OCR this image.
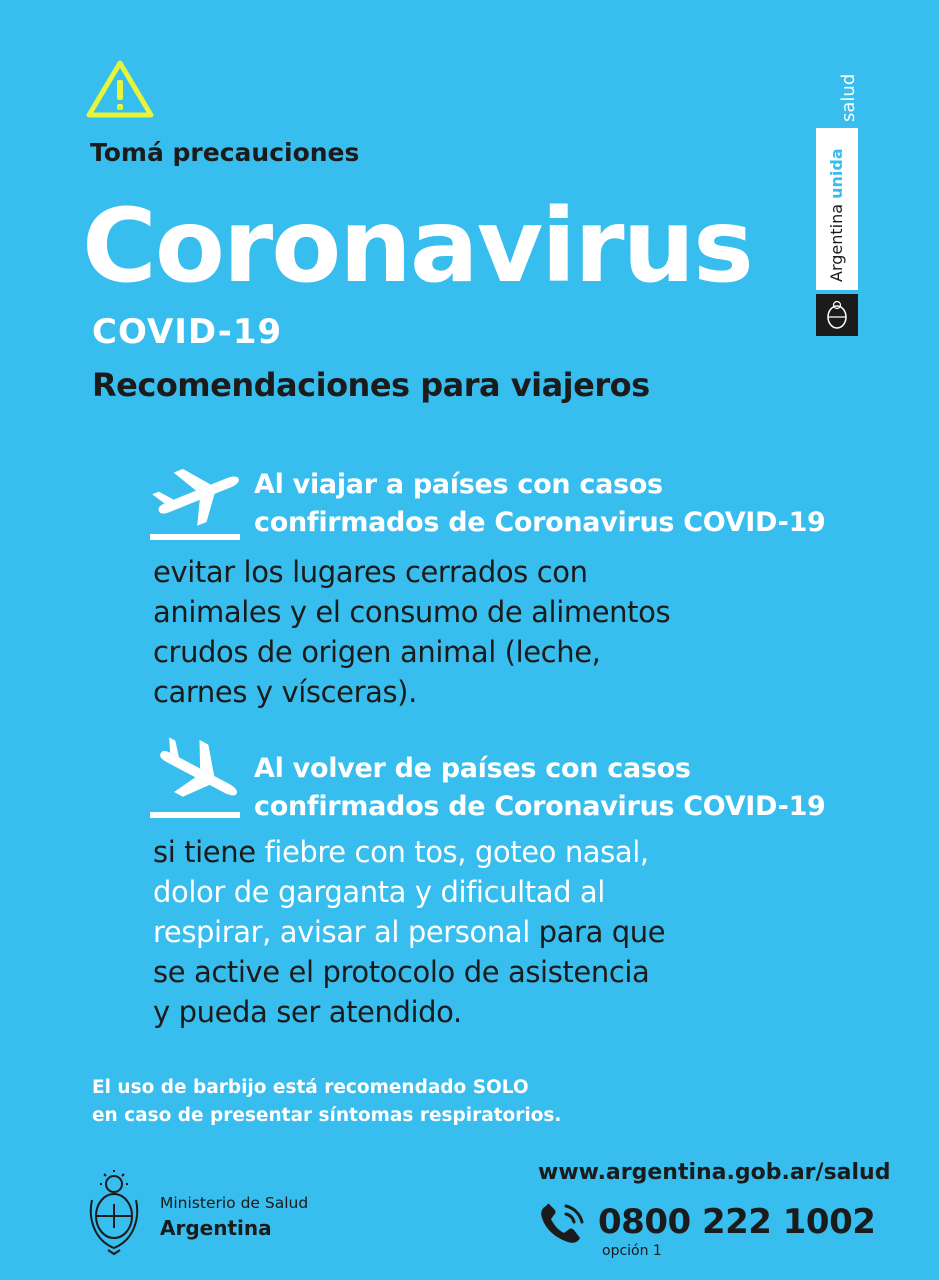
Tomá precauciones
Coronavirus
COVID-19
Recomendaciones para viajeros
salud
Argentina unida
Al viajar a países con casos
confirmados de Coronavirus COVID-19
evitar los lugares cerrados con
animales y el consumo de alimentos
crudos de origen animal (leche,
carnes y vísceras).
Al volver de países con casos
confirmados de Coronavirus COVID-19
si tiene fiebre con tos, goteo nasal,
dolor de garganta y dificultad al
respirar, avisar al personal para que
se active el protocolo de asistencia
y pueda ser atendido.
El uso de barbijo está recomendado SOLO
en caso de presentar síntomas respiratorios.
Ministerio de Salud
Argentina
www.argentina.gob.ar/salud
0800 222 1002
opción 1
